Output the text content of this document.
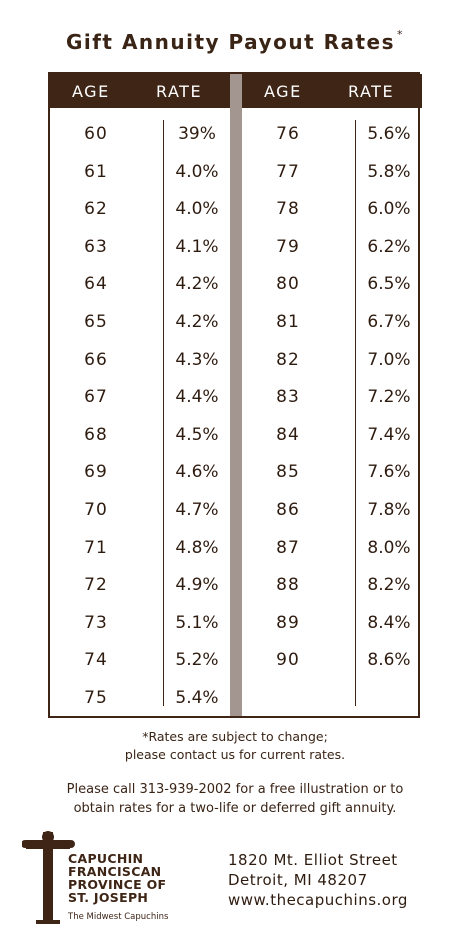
Gift Annuity Payout Rates *
AGE	RATE
60	39%
61	4.0%
62	4.0%
63	4.1%
64	4.2%
65	4.2%
66	4.3%
67	4.4%
68	4.5%
69	4.6%
70	4.7%
71	4.8%
72	4.9%
73	5.1%
74	5.2%
75	5.4%
AGE	RATE
76	5.6%
77	5.8%
78	6.0%
79	6.2%
80	6.5%
81	6.7%
82	7.0%
83	7.2%
84	7.4%
85	7.6%
86	7.8%
87	8.0%
88	8.2%
89	8.4%
90	8.6%
*Rates are subject to change;
please contact us for current rates.
Please call 313-939-2002 for a free illustration or to
obtain rates for a two-life or deferred gift annuity.
CAPUCHIN
FRANCISCAN
PROVINCE OF
ST. JOSEPH
The Midwest Capuchins
1820 Mt. Elliot Street
Detroit, MI 48207
www.thecapuchins.org
